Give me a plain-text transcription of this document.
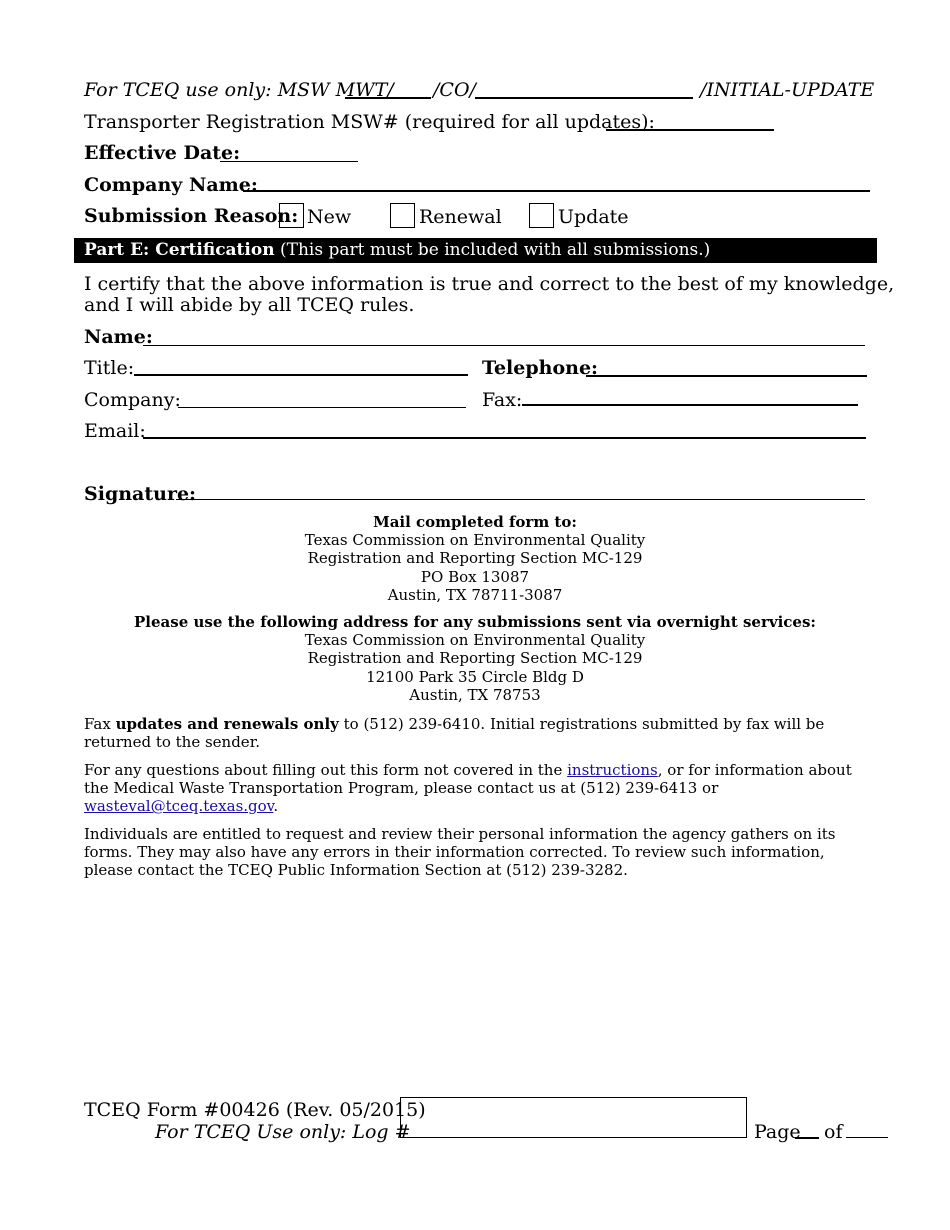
For TCEQ use only: MSW MWT/ /CO/	/INITIAL-UPDATE
Transporter Registration MSW# (required for all updates):
Effective Date:
Company Name:
Submission Reason: New	Renewal	Update
Part E: Certification (This part must be included with all submissions.)
I certify that the above information is true and correct to the best of my knowledge,
and I will abide by all TCEQ rules.
Name:
Title:	Telephone:
Company:	Fax:
Email:
Signature:
Mail completed form to:
Texas Commission on Environmental Quality
Registration and Reporting Section MC-129
PO Box 13087
Austin, TX 78711-3087
Please use the following address for any submissions sent via overnight services:
Texas Commission on Environmental Quality
Registration and Reporting Section MC-129
12100 Park 35 Circle Bldg D
Austin, TX 78753
Fax updates and renewals only to (512) 239-6410. Initial registrations submitted by fax will be returned to the sender.
For any questions about filling out this form not covered in the instructions, or for information about the Medical Waste Transportation Program, please contact us at (512) 239-6413 or wasteval@tceq.texas.gov.
Individuals are entitled to request and review their personal information the agency gathers on its forms. They may also have any errors in their information corrected. To review such information, please contact the TCEQ Public Information Section at (512) 239-3282.
TCEQ Form #00426 (Rev. 05/2015)
For TCEQ Use only: Log #	Page of
